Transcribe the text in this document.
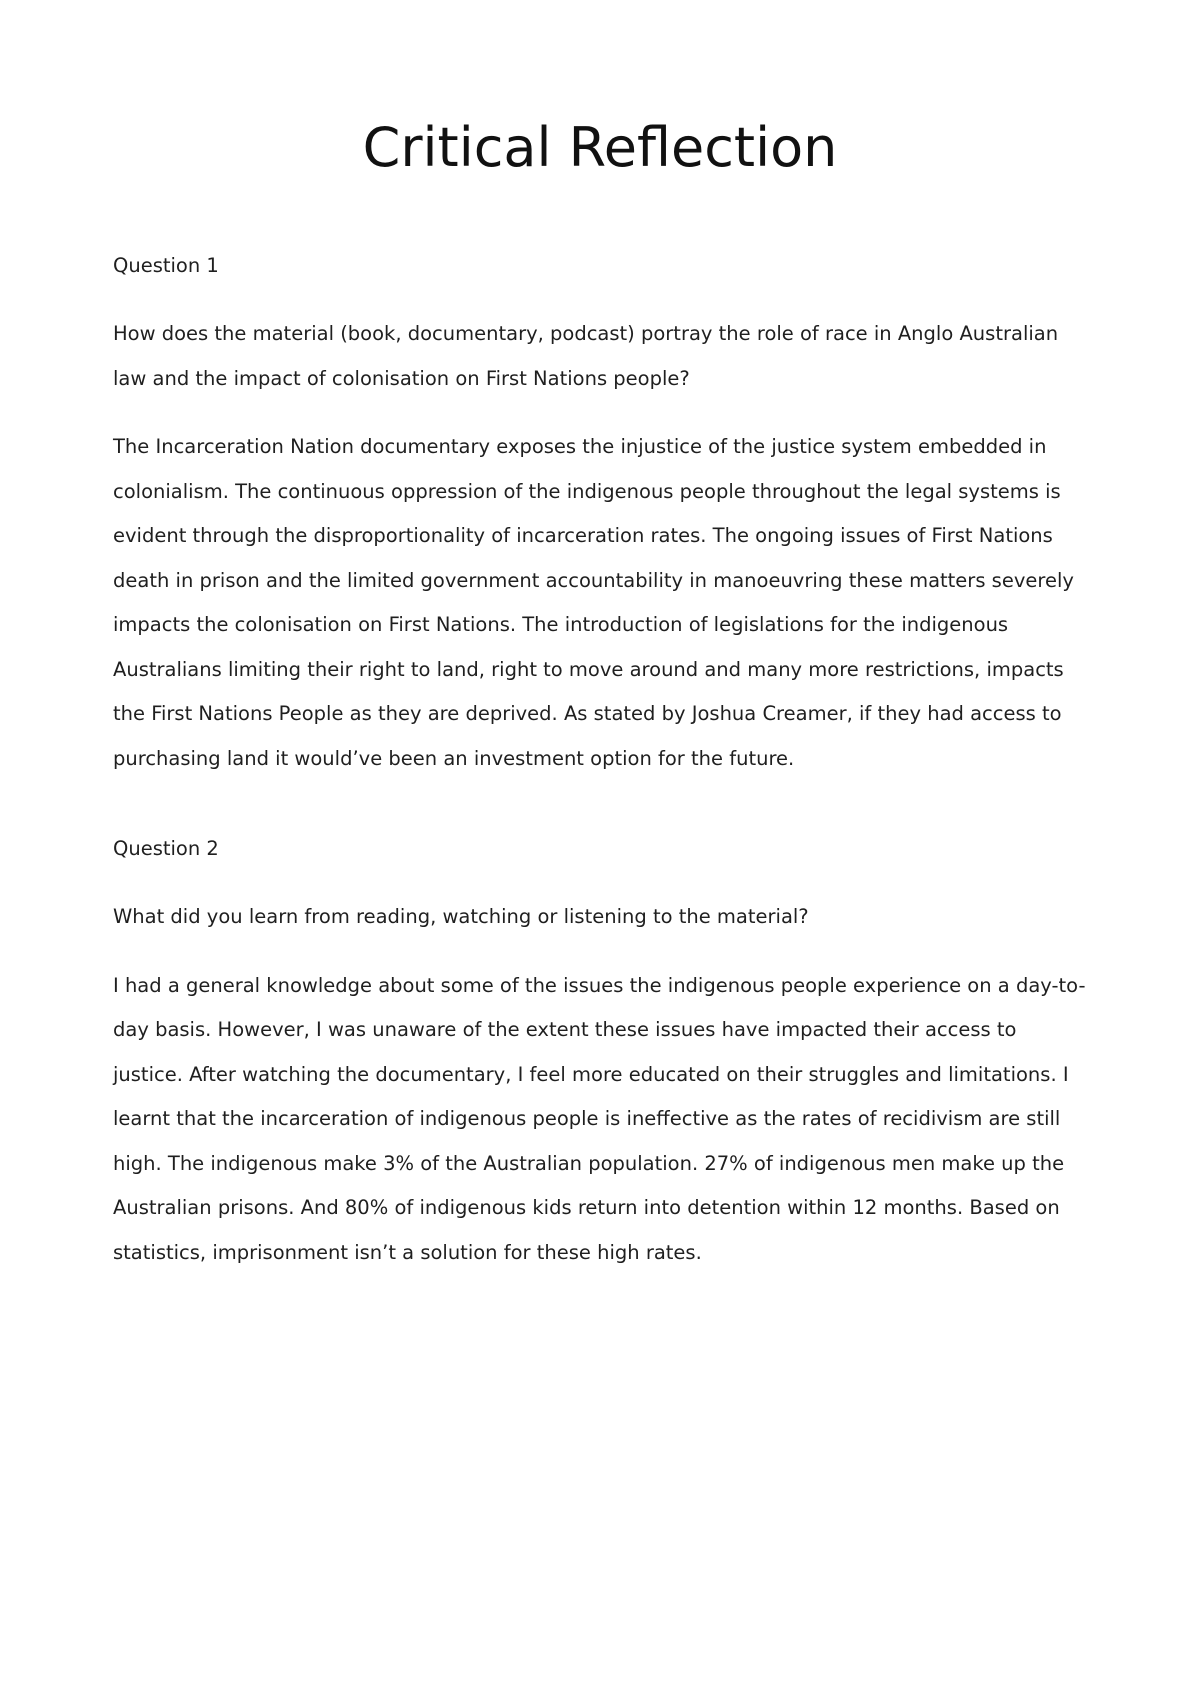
Critical Reflection

Question 1

How does the material (book, documentary, podcast) portray the role of race in Anglo Australian law and the impact of colonisation on First Nations people?

The Incarceration Nation documentary exposes the injustice of the justice system embedded in colonialism. The continuous oppression of the indigenous people throughout the legal systems is evident through the disproportionality of incarceration rates. The ongoing issues of First Nations death in prison and the limited government accountability in manoeuvring these matters severely impacts the colonisation on First Nations. The introduction of legislations for the indigenous Australians limiting their right to land, right to move around and many more restrictions, impacts the First Nations People as they are deprived. As stated by Joshua Creamer, if they had access to purchasing land it would’ve been an investment option for the future.

Question 2

What did you learn from reading, watching or listening to the material?

I had a general knowledge about some of the issues the indigenous people experience on a day-to-day basis. However, I was unaware of the extent these issues have impacted their access to justice. After watching the documentary, I feel more educated on their struggles and limitations. I learnt that the incarceration of indigenous people is ineffective as the rates of recidivism are still high. The indigenous make 3% of the Australian population. 27% of indigenous men make up the Australian prisons. And 80% of indigenous kids return into detention within 12 months. Based on statistics, imprisonment isn’t a solution for these high rates.
